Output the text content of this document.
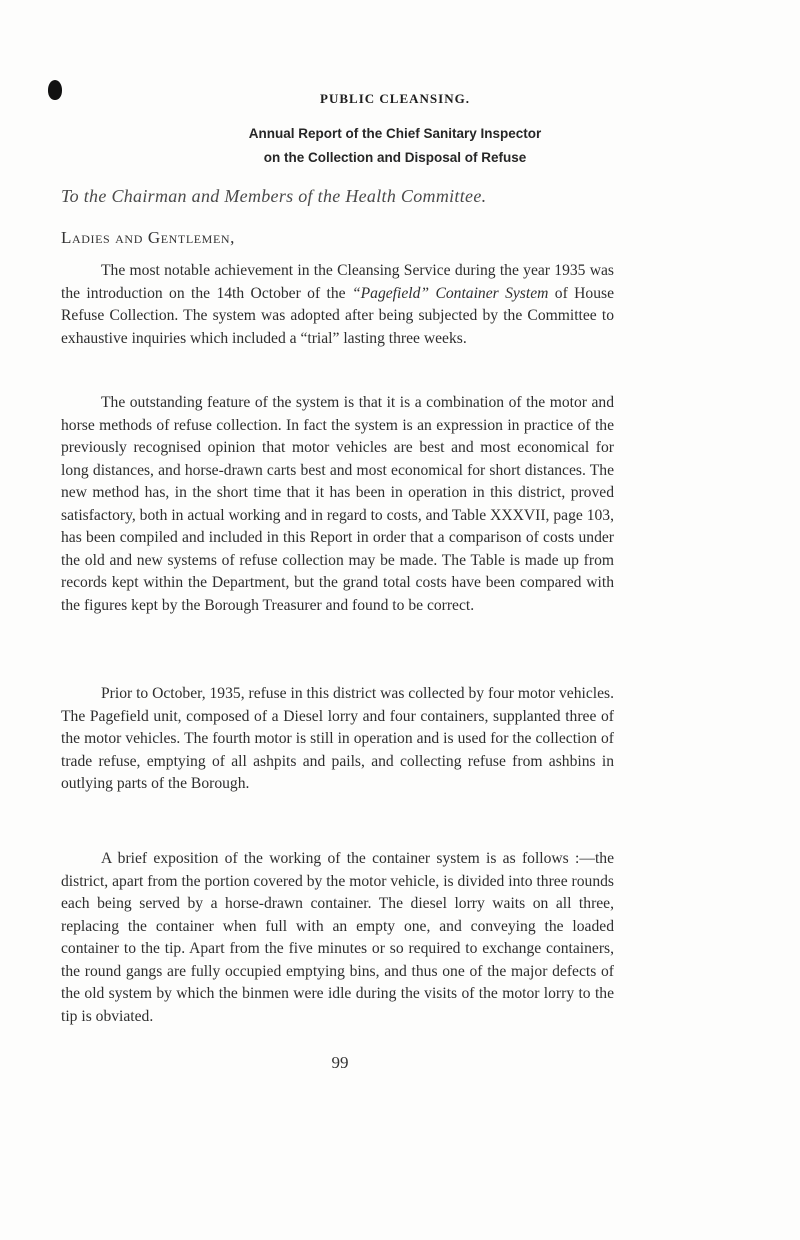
PUBLIC CLEANSING.
Annual Report of the Chief Sanitary Inspector
on the Collection and Disposal of Refuse
To the Chairman and Members of the Health Committee.
Ladies and Gentlemen,

The most notable achievement in the Cleansing Service during the year 1935 was the introduction on the 14th October of the “Pagefield” Container System of House Refuse Collection. The system was adopted after being subjected by the Committee to exhaustive inquiries which included a “trial” lasting three weeks.

The outstanding feature of the system is that it is a combination of the motor and horse methods of refuse collection. In fact the system is an expression in practice of the previously recognised opinion that motor vehicles are best and most economical for long distances, and horse-drawn carts best and most economical for short distances. The new method has, in the short time that it has been in operation in this district, proved satisfactory, both in actual working and in regard to costs, and Table XXXVII, page 103, has been compiled and included in this Report in order that a comparison of costs under the old and new systems of refuse collection may be made. The Table is made up from records kept within the Department, but the grand total costs have been compared with the figures kept by the Borough Treasurer and found to be correct.

Prior to October, 1935, refuse in this district was collected by four motor vehicles. The Pagefield unit, composed of a Diesel lorry and four containers, supplanted three of the motor vehicles. The fourth motor is still in operation and is used for the collection of trade refuse, emptying of all ashpits and pails, and collecting refuse from ashbins in outlying parts of the Borough.

A brief exposition of the working of the container system is as follows :—the district, apart from the portion covered by the motor vehicle, is divided into three rounds each being served by a horse-drawn container. The diesel lorry waits on all three, replacing the container when full with an empty one, and conveying the loaded container to the tip. Apart from the five minutes or so required to exchange containers, the round gangs are fully occupied emptying bins, and thus one of the major defects of the old system by which the binmen were idle during the visits of the motor lorry to the tip is obviated.

99
